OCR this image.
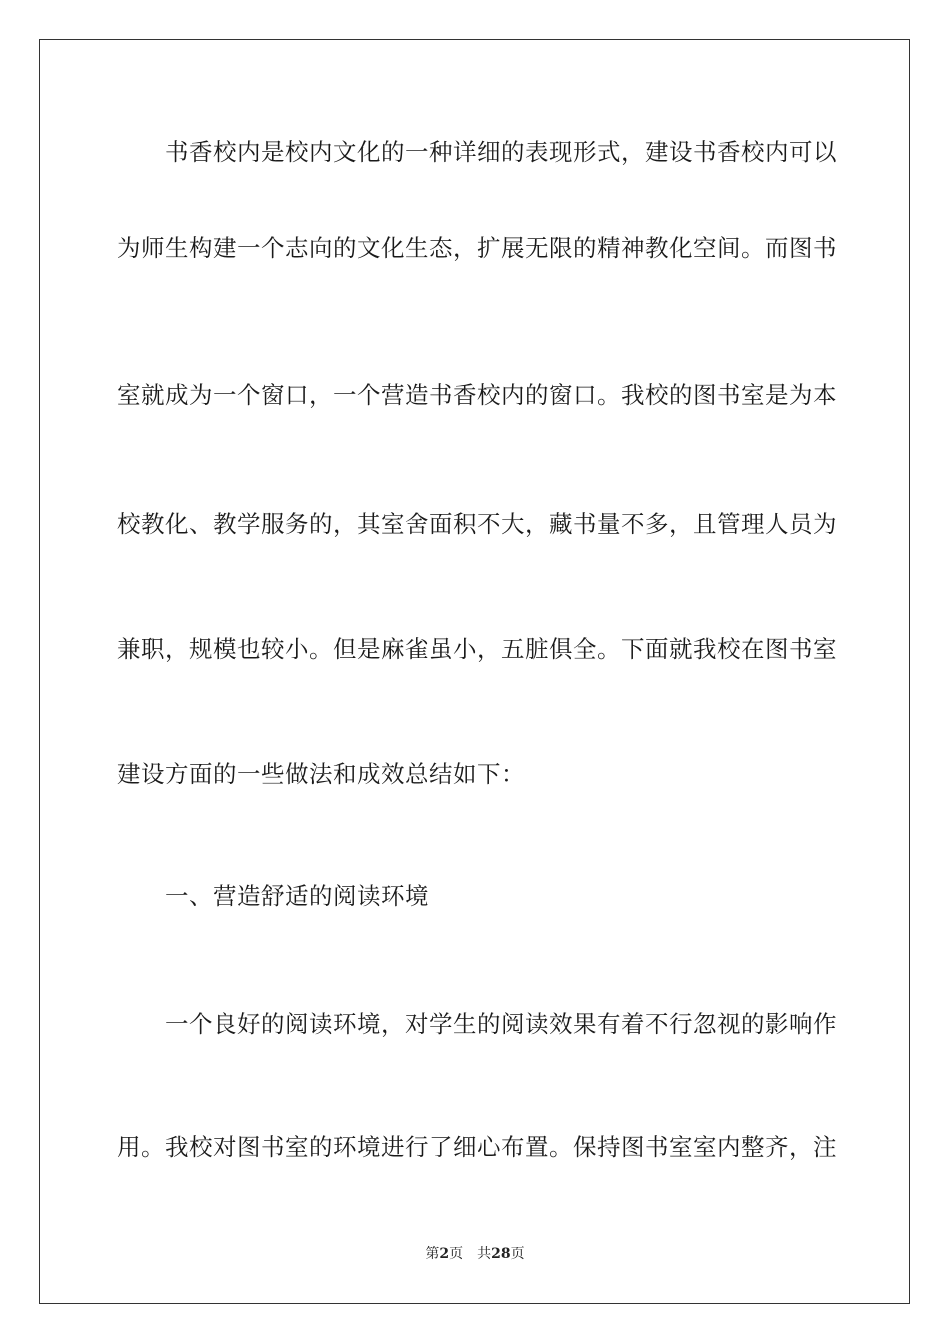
书香校内是校内文化的一种详细的表现形式，建设书香校内可以
为师生构建一个志向的文化生态，扩展无限的精神教化空间。而图书
室就成为一个窗口，一个营造书香校内的窗口。我校的图书室是为本
校教化、教学服务的，其室舍面积不大，藏书量不多，且管理人员为
兼职，规模也较小。但是麻雀虽小，五脏俱全。下面就我校在图书室
建设方面的一些做法和成效总结如下：
一、营造舒适的阅读环境
一个良好的阅读环境，对学生的阅读效果有着不行忽视的影响作
用。我校对图书室的环境进行了细心布置。保持图书室室内整齐，注
第2页 共28页
